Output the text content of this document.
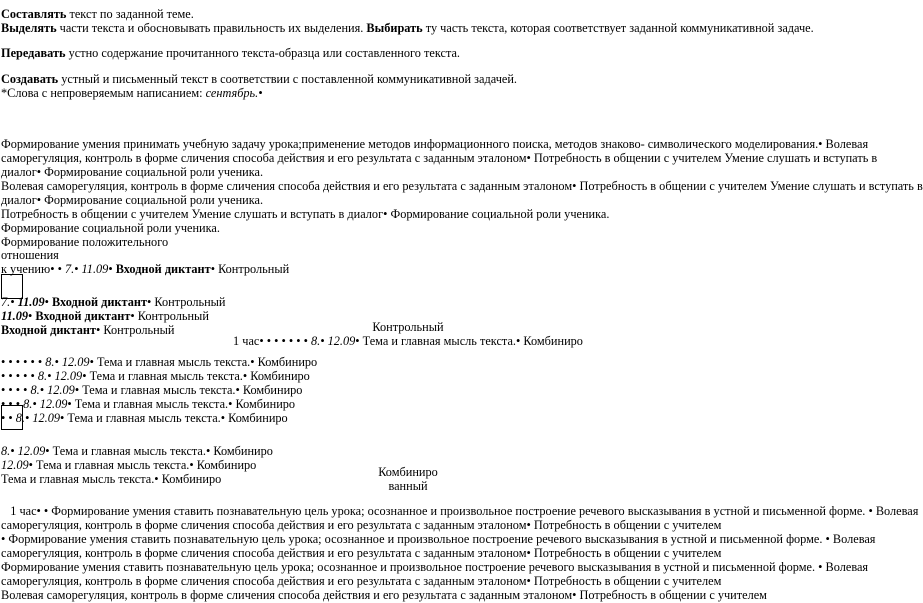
Составлять текст по заданной теме.
Выделять части текста и обосновывать правильность их выделения. Выбирать ту часть текста, которая соответствует заданной коммуникативной задаче.
Передавать устно содержание прочитанного текста-образца или составленного текста.
Создавать устный и письменный текст в соответствии с поставленной коммуникативной задачей.
*Слова с непроверяемым написанием: сентябрь.•
Формирование умения принимать учебную задачу урока;применение методов информационного поиска, методов знаково- символического моделирования.• Волевая
саморегуляция, контроль в форме сличения способа действия и его результата с заданным эталоном• Потребность в общении с учителем Умение слушать и вступать в
диалог• Формирование социальной роли ученика.
Волевая саморегуляция, контроль в форме сличения способа действия и его результата с заданным эталоном• Потребность в общении с учителем Умение слушать и вступать в
диалог• Формирование социальной роли ученика.
Потребность в общении с учителем Умение слушать и вступать в диалог• Формирование социальной роли ученика.
Формирование социальной роли ученика.
Формирование положительного
отношения
к учению• • 7.• 11.09• Входной диктант• Контрольный
7.• 11.09• Входной диктант• Контрольный
11.09• Входной диктант• Контрольный
Входной диктант• Контрольный
• • • • • • 8.• 12.09• Тема и главная мысль текста.• Комбиниро
• • • • • 8.• 12.09• Тема и главная мысль текста.• Комбиниро
• • • • 8.• 12.09• Тема и главная мысль текста.• Комбиниро
• • • 8.• 12.09• Тема и главная мысль текста.• Комбиниро
• • 8.• 12.09• Тема и главная мысль текста.• Комбиниро
8.• 12.09• Тема и главная мысль текста.• Комбиниро
12.09• Тема и главная мысль текста.• Комбиниро
Тема и главная мысль текста.• Комбиниро
1 час• • Формирование умения ставить познавательную цель урока; осознанное и произвольное построение речевого высказывания в устной и письменной форме. • Волевая
саморегуляция, контроль в форме сличения способа действия и его результата с заданным эталоном• Потребность в общении с учителем
• Формирование умения ставить познавательную цель урока; осознанное и произвольное построение речевого высказывания в устной и письменной форме. • Волевая
саморегуляция, контроль в форме сличения способа действия и его результата с заданным эталоном• Потребность в общении с учителем
Формирование умения ставить познавательную цель урока; осознанное и произвольное построение речевого высказывания в устной и письменной форме. • Волевая
саморегуляция, контроль в форме сличения способа действия и его результата с заданным эталоном• Потребность в общении с учителем
Волевая саморегуляция, контроль в форме сличения способа действия и его результата с заданным эталоном• Потребность в общении с учителем
Контрольный
1 час• • • • • • • 8.• 12.09• Тема и главная мысль текста.• Комбиниро
Комбиниро
ванный
